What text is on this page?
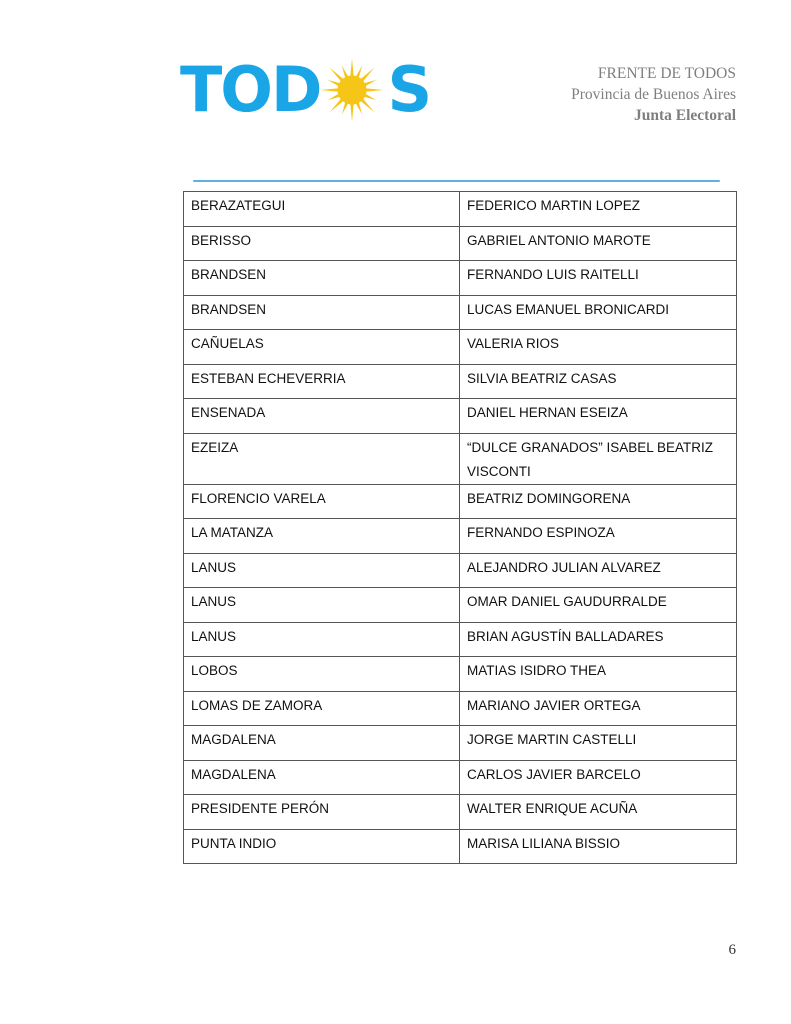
TOD S	FRENTE DE TODOS
Provincia de Buenos Aires
Junta Electoral
BERAZATEGUI	FEDERICO MARTIN LOPEZ
BERISSO	GABRIEL ANTONIO MAROTE
BRANDSEN	FERNANDO LUIS RAITELLI
BRANDSEN	LUCAS EMANUEL BRONICARDI
CAÑUELAS	VALERIA RIOS
ESTEBAN ECHEVERRIA	SILVIA BEATRIZ CASAS
ENSENADA	DANIEL HERNAN ESEIZA
EZEIZA	“DULCE GRANADOS” ISABEL BEATRIZ VISCONTI
FLORENCIO VARELA	BEATRIZ DOMINGORENA
LA MATANZA	FERNANDO ESPINOZA
LANUS	ALEJANDRO JULIAN ALVAREZ
LANUS	OMAR DANIEL GAUDURRALDE
LANUS	BRIAN AGUSTÍN BALLADARES
LOBOS	MATIAS ISIDRO THEA
LOMAS DE ZAMORA	MARIANO JAVIER ORTEGA
MAGDALENA	JORGE MARTIN CASTELLI
MAGDALENA	CARLOS JAVIER BARCELO
PRESIDENTE PERÓN	WALTER ENRIQUE ACUÑA
PUNTA INDIO	MARISA LILIANA BISSIO
6
